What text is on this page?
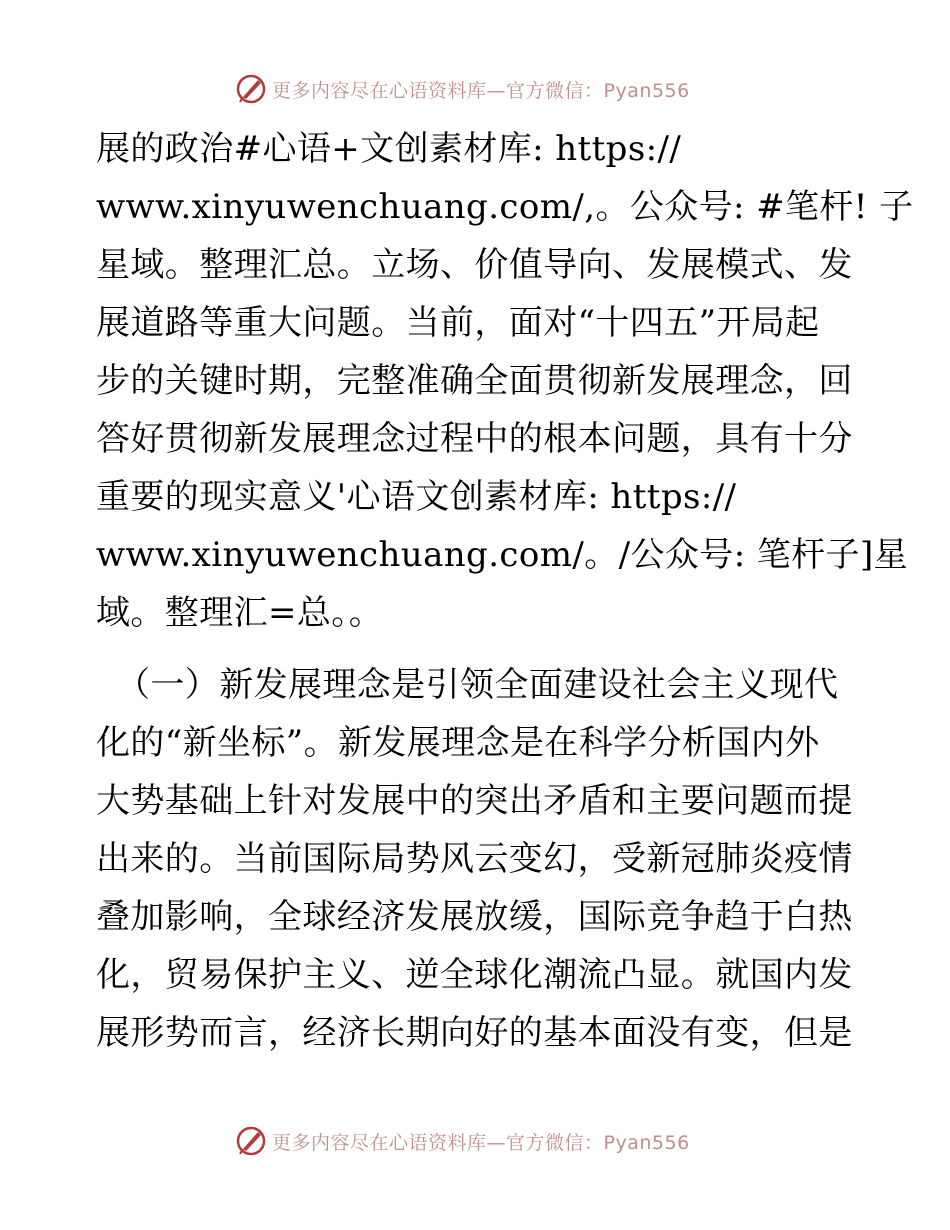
更多内容尽在心语资料库—官方微信：Pyan556
展的政治#心语+文创素材库: https://
www.xinyuwenchuang.com/,。公众号: #笔杆! 子
星域。整理汇总。立场、价值导向、发展模式、发
展道路等重大问题。当前，面对“十四五”开局起
步的关键时期，完整准确全面贯彻新发展理念，回
答好贯彻新发展理念过程中的根本问题，具有十分
重要的现实意义'心语文创素材库: https://
www.xinyuwenchuang.com/。/公众号: 笔杆子]星
域。整理汇=总。。
（一）新发展理念是引领全面建设社会主义现代
化的“新坐标”。新发展理念是在科学分析国内外
大势基础上针对发展中的突出矛盾和主要问题而提
出来的。当前国际局势风云变幻，受新冠肺炎疫情
叠加影响，全球经济发展放缓，国际竞争趋于白热
化，贸易保护主义、逆全球化潮流凸显。就国内发
展形势而言，经济长期向好的基本面没有变，但是
更多内容尽在心语资料库—官方微信：Pyan556
